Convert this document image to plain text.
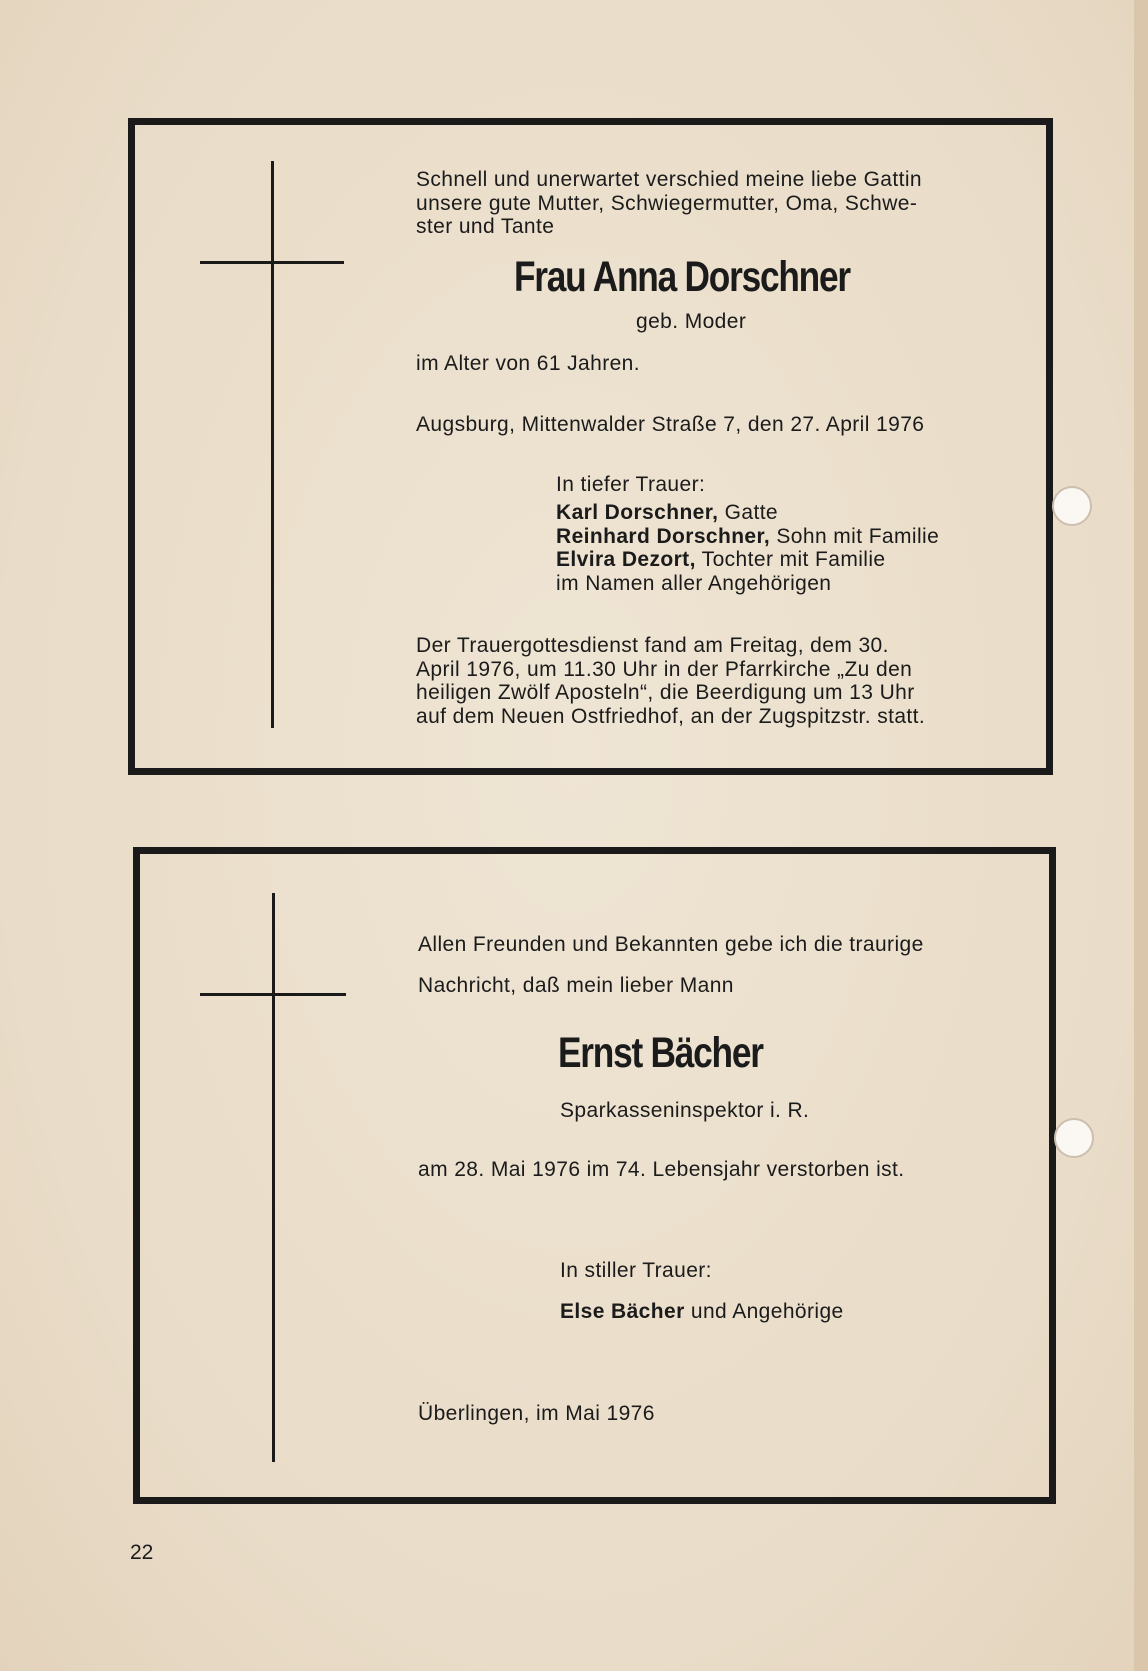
Schnell und unerwartet verschied meine liebe Gattin
unsere gute Mutter, Schwiegermutter, Oma, Schwe-
ster und Tante
Frau Anna Dorschner
geb. Moder
im Alter von 61 Jahren.
Augsburg, Mittenwalder Straße 7, den 27. April 1976
In tiefer Trauer:
Karl Dorschner, Gatte
Reinhard Dorschner, Sohn mit Familie
Elvira Dezort, Tochter mit Familie
im Namen aller Angehörigen
Der Trauergottesdienst fand am Freitag, dem 30.
April 1976, um 11.30 Uhr in der Pfarrkirche „Zu den
heiligen Zwölf Aposteln“, die Beerdigung um 13 Uhr
auf dem Neuen Ostfriedhof, an der Zugspitzstr. statt.
Allen Freunden und Bekannten gebe ich die traurige
Nachricht, daß mein lieber Mann
Ernst Bächer
Sparkasseninspektor i. R.
am 28. Mai 1976 im 74. Lebensjahr verstorben ist.
In stiller Trauer:
Else Bächer und Angehörige
Überlingen, im Mai 1976
22
